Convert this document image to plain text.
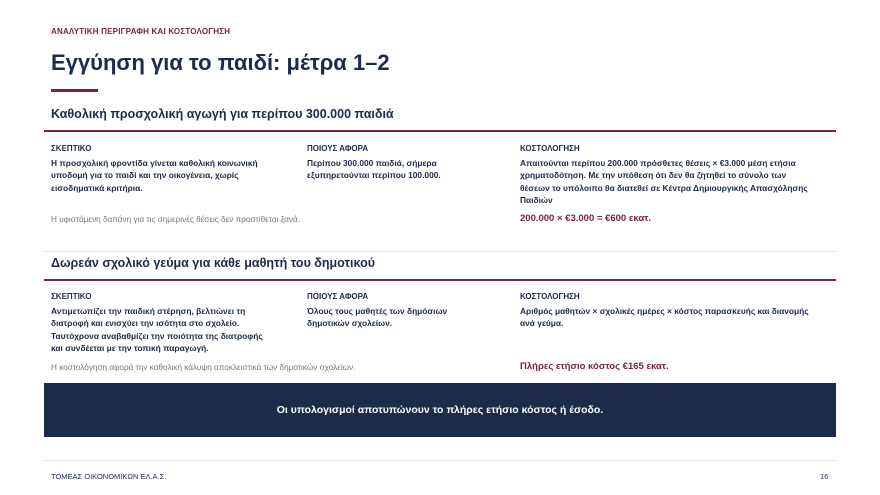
ΑΝΑΛΥΤΙΚΗ ΠΕΡΙΓΡΑΦΗ ΚΑΙ ΚΟΣΤΟΛΟΓΗΣΗ
Εγγύηση για το παιδί: μέτρα 1–2
Καθολική προσχολική αγωγή για περίπου 300.000 παιδιά
ΣΚΕΠΤΙΚΟ
Η προσχολική φροντίδα γίνεται καθολική κοινωνική υποδομή για το παιδί και την οικογένεια, χωρίς εισοδηματικά κριτήρια.
ΠΟΙΟΥΣ ΑΦΟΡΑ
Περίπου 300.000 παιδιά, σήμερα εξυπηρετούνται περίπου 100.000.
ΚΟΣΤΟΛΟΓΗΣΗ
Απαιτούνται περίπου 200.000 πρόσθετες θέσεις × €3.000 μέση ετήσια χρηματοδότηση. Με την υπόθεση ότι δεν θα ζητηθεί το σύνολο των θέσεων το υπόλοιπο θα διατεθεί σε Κέντρα Δημιουργικής Απασχόλησης Παιδιών
Η υφιστάμενη δαπάνη για τις σημερινές θέσεις δεν προστίθεται ξανά.	200.000 × €3.000 = €600 εκατ.
Δωρεάν σχολικό γεύμα για κάθε μαθητή του δημοτικού
ΣΚΕΠΤΙΚΟ
Αντιμετωπίζει την παιδική στέρηση, βελτιώνει τη διατροφή και ενισχύει την ισότητα στο σχολείο. Ταυτόχρονα αναβαθμίζει την ποιότητα της διατροφής και συνδέεται με την τοπική παραγωγή.
ΠΟΙΟΥΣ ΑΦΟΡΑ
Όλους τους μαθητές των δημόσιων δημοτικών σχολείων.
ΚΟΣΤΟΛΟΓΗΣΗ
Αριθμός μαθητών × σχολικές ημέρες × κόστος παρασκευής και διανομής ανά γεύμα.
Η κοστολόγηση αφορά την καθολική κάλυψη αποκλειστικά των δημοτικών σχολείων.	Πλήρες ετήσιο κόστος €165 εκατ.
Οι υπολογισμοί αποτυπώνουν το πλήρες ετήσιο κόστος ή έσοδο.
ΤΟΜΕΑΣ ΟΙΚΟΝΟΜΙΚΩΝ ΕΛ.Α.Σ.	16
